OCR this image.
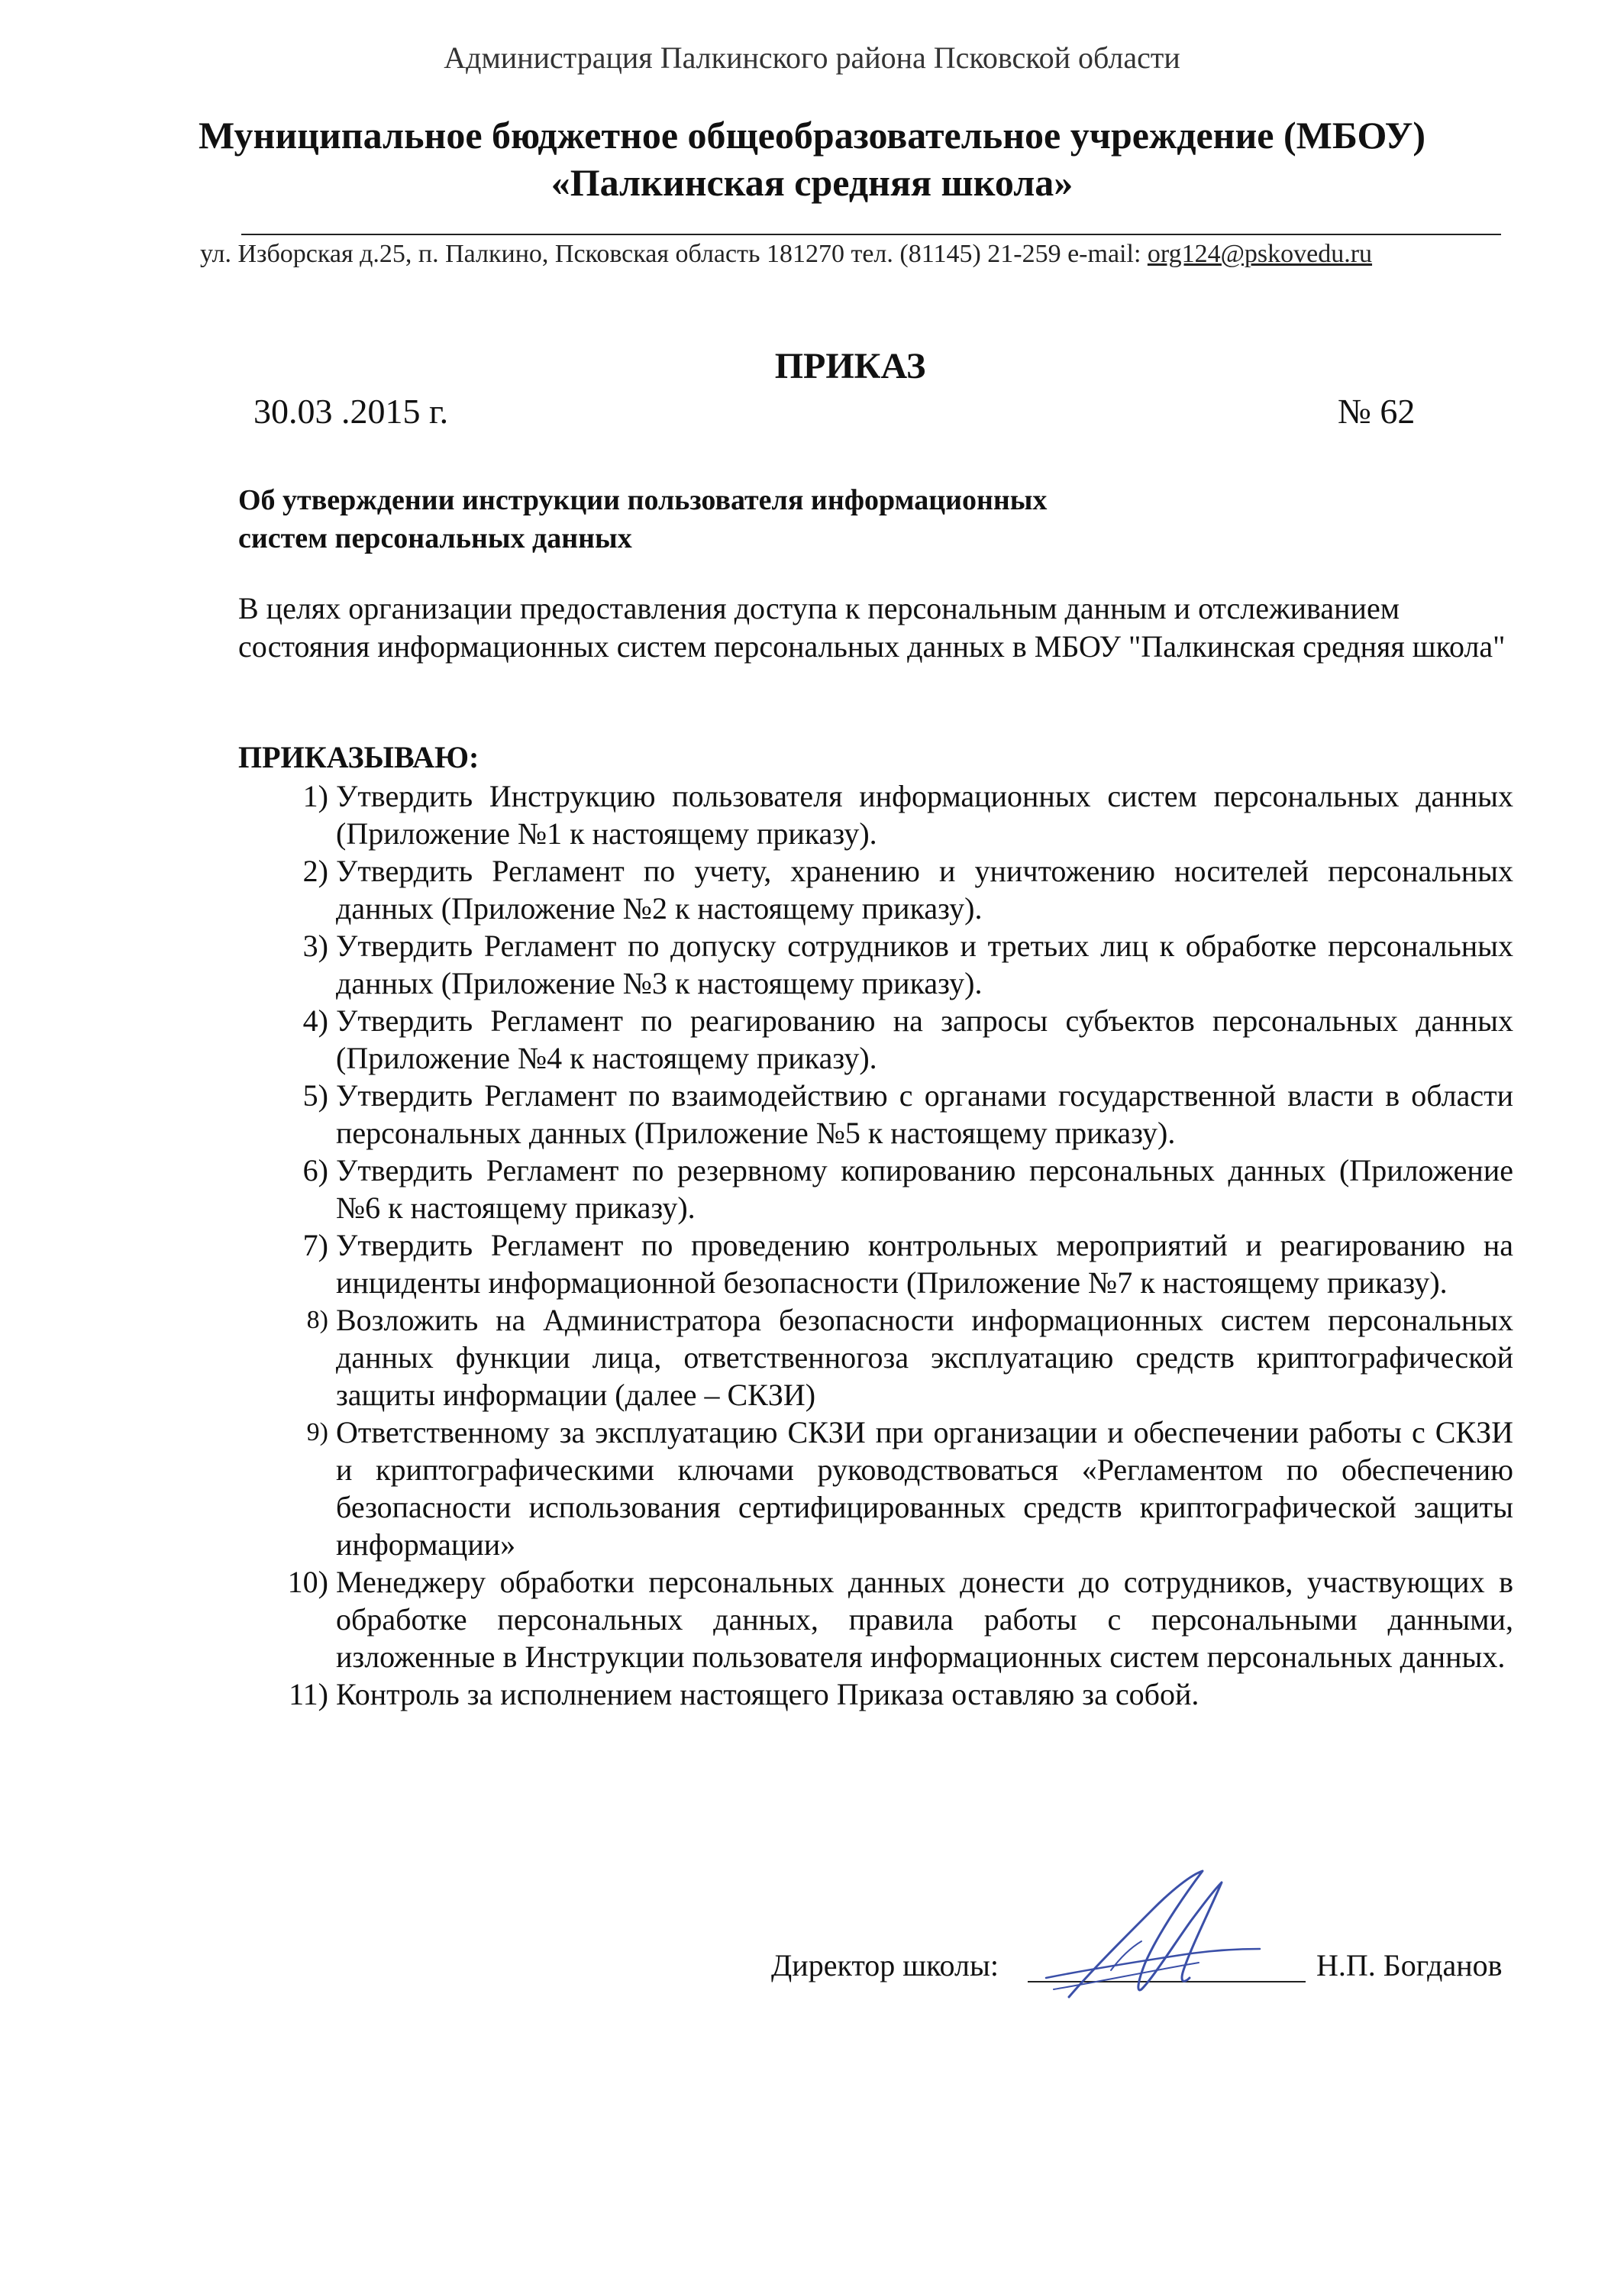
Администрация Палкинского района Псковской области
Муниципальное бюджетное общеобразовательное учреждение (МБОУ)
«Палкинская средняя школа»
ул. Изборская д.25, п. Палкино, Псковская область 181270 тел. (81145) 21-259 e-mail: org124@pskovedu.ru
ПРИКАЗ
30.03 .2015 г.	№ 62
Об утверждении инструкции пользователя информационных
систем персональных данных
В целях организации предоставления доступа к персональным данным и отслеживанием состояния информационных систем персональных данных в МБОУ "Палкинская средняя школа"
ПРИКАЗЫВАЮ:
1) Утвердить Инструкцию пользователя информационных систем персональных данных (Приложение №1 к настоящему приказу).
2) Утвердить Регламент по учету, хранению и уничтожению носителей персональных данных (Приложение №2 к настоящему приказу).
3) Утвердить Регламент по допуску сотрудников и третьих лиц к обработке персональных данных (Приложение №3 к настоящему приказу).
4) Утвердить Регламент по реагированию на запросы субъектов персональных данных (Приложение №4 к настоящему приказу).
5) Утвердить Регламент по взаимодействию с органами государственной власти в области персональных данных (Приложение №5 к настоящему приказу).
6) Утвердить Регламент по резервному копированию персональных данных (Приложение №6 к настоящему приказу).
7) Утвердить Регламент по проведению контрольных мероприятий и реагированию на инциденты информационной безопасности (Приложение №7 к настоящему приказу).
8) Возложить на Администратора безопасности информационных систем персональных данных функции лица, ответственногоза эксплуатацию средств криптографической защиты информации (далее – СКЗИ)
9) Ответственному за эксплуатацию СКЗИ при организации и обеспечении работы с СКЗИ и криптографическими ключами руководствоваться «Регламентом по обеспечению безопасности использования сертифицированных средств криптографической защиты информации»
10) Менеджеру обработки персональных данных донести до сотрудников, участвующих в обработке персональных данных, правила работы с персональными данными, изложенные в Инструкции пользователя информационных систем персональных данных.
11) Контроль за исполнением настоящего Приказа оставляю за собой.
Директор школы:	Н.П. Богданов
